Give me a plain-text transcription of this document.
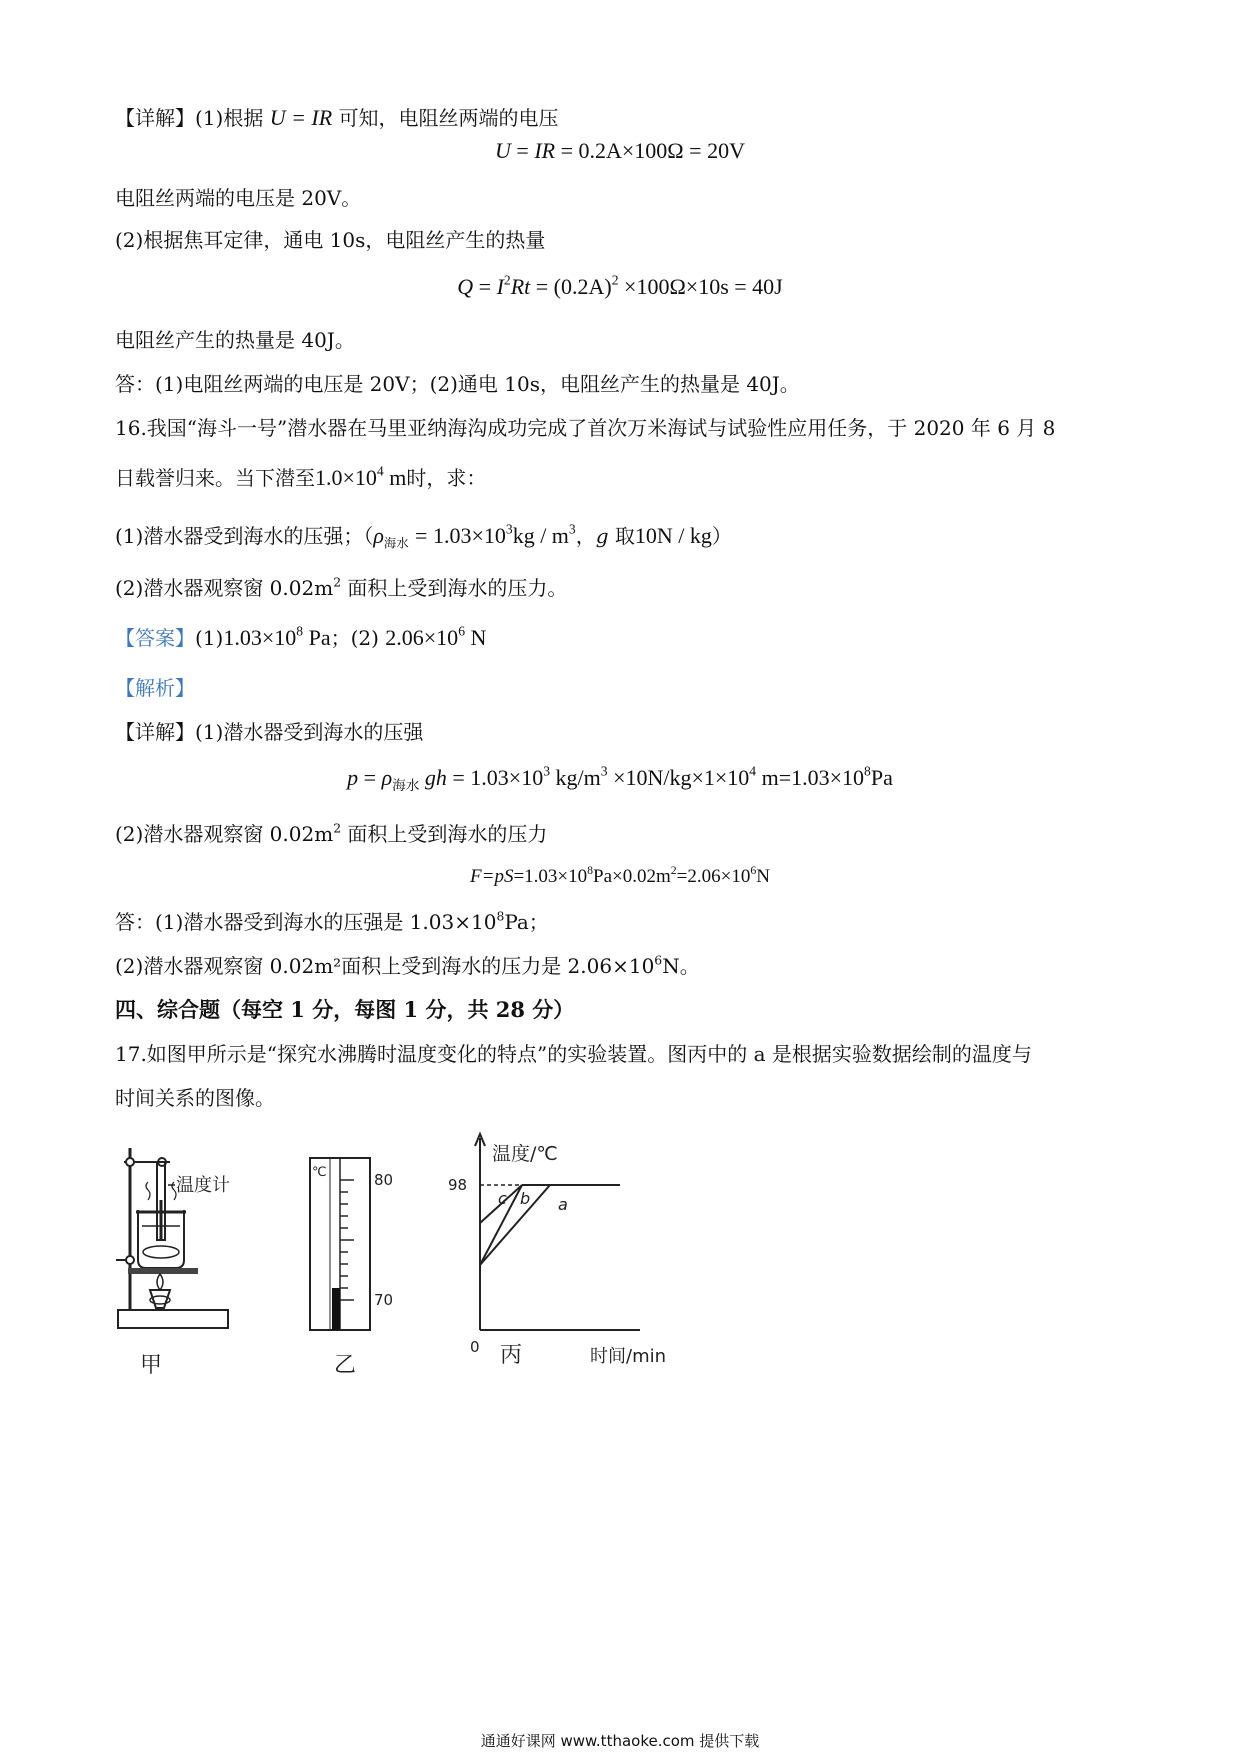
【详解】(1)根据 U = IR 可知，电阻丝两端的电压
U = IR = 0.2A×100Ω = 20V
电阻丝两端的电压是 20V。
(2)根据焦耳定律，通电 10s，电阻丝产生的热量
$Q = I^2Rt = (0.2A)^2 \times 100\Omega\times 10s = 40J$
电阻丝产生的热量是 40J。
答：(1)电阻丝两端的电压是 20V；(2)通电 10s，电阻丝产生的热量是 40J。
16.我国“海斗一号”潜水器在马里亚纳海沟成功完成了首次万米海试与试验性应用任务，于 2020 年 6 月 8
日载誉归来。当下潜至$1.0\times 10^4$ m时，求：
(1)潜水器受到海水的压强；（$\rho_{海水} = 1.03\times 10^3kg / m^3$，g 取10N / kg）
(2)潜水器观察窗 $0.02m^2$ 面积上受到海水的压力。
【答案】$(1)1.03\times 10^8$ Pa；(2) $2.06\times 10^6$ N
【解析】
【详解】(1)潜水器受到海水的压强
$p = \rho_{海水}$ gh = $1.03\times 10^3$ $kg/m^3 \times 10N/kg\times 1\times 10^4$ $m=1.03\times 10^8Pa$
(2)潜水器观察窗 $0.02m^2$ 面积上受到海水的压力
$F=pS=1.03\times 10^8Pa\times 0.02m^2=2.06\times 10^6N$
答：(1)潜水器受到海水的压强是 $1.03\times 10^8Pa$；
(2)潜水器观察窗 0.02m²面积上受到海水的压力是 $2.06\times 10^6N$。
四、综合题（每空 1 分，每图 1 分，共 28 分）
17.如图甲所示是“探究水沸腾时温度变化的特点”的实验装置。图丙中的 a 是根据实验数据绘制的温度与
时间关系的图像。
温度计
甲
℃	80
70
乙
温度/℃
时间/min
0
98
c b a
丙
通通好课网 www.tthaoke.com 提供下载
